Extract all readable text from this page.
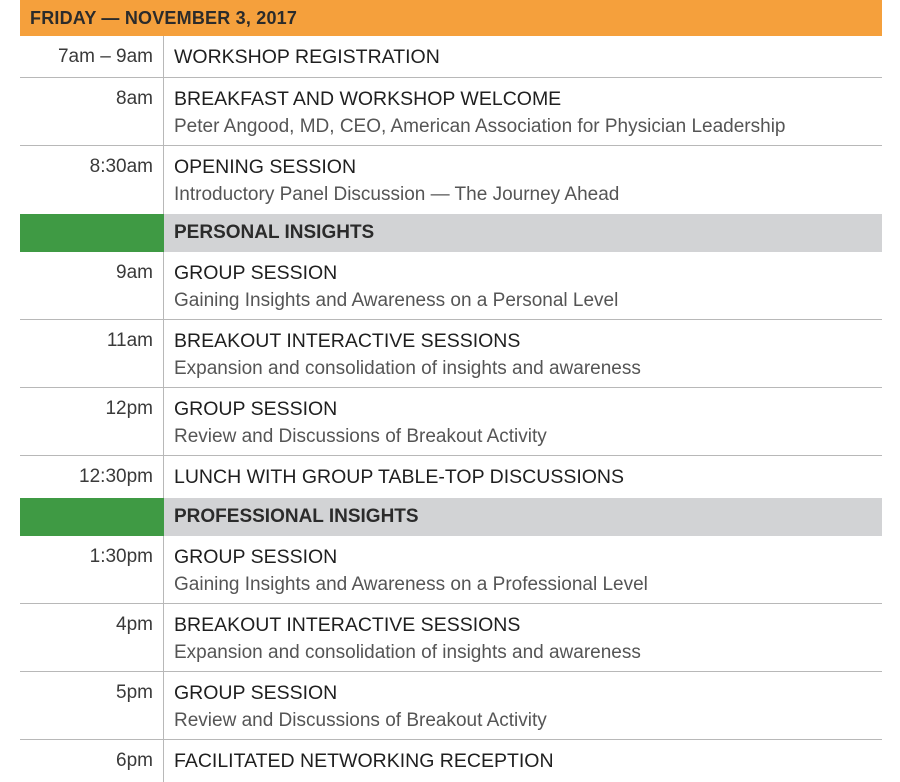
FRIDAY — NOVEMBER 3, 2017
7am – 9am	WORKSHOP REGISTRATION
8am	BREAKFAST AND WORKSHOP WELCOME
Peter Angood, MD, CEO, American Association for Physician Leadership
8:30am	OPENING SESSION
Introductory Panel Discussion — The Journey Ahead
PERSONAL INSIGHTS
9am	GROUP SESSION
Gaining Insights and Awareness on a Personal Level
11am	BREAKOUT INTERACTIVE SESSIONS
Expansion and consolidation of insights and awareness
12pm	GROUP SESSION
Review and Discussions of Breakout Activity
12:30pm	LUNCH WITH GROUP TABLE-TOP DISCUSSIONS
PROFESSIONAL INSIGHTS
1:30pm	GROUP SESSION
Gaining Insights and Awareness on a Professional Level
4pm	BREAKOUT INTERACTIVE SESSIONS
Expansion and consolidation of insights and awareness
5pm	GROUP SESSION
Review and Discussions of Breakout Activity
6pm	FACILITATED NETWORKING RECEPTION
